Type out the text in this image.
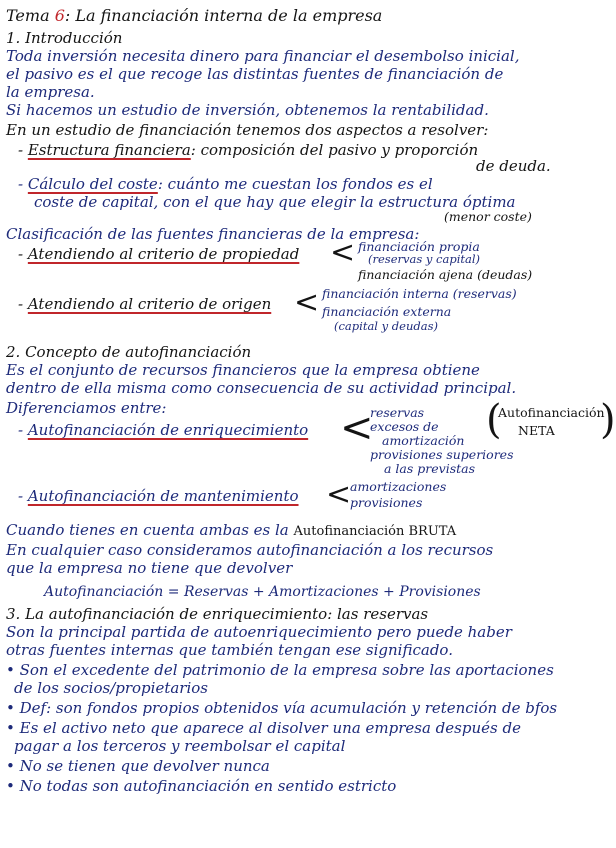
Tema 6: La financiación interna de la empresa
1. Introducción
Toda inversión necesita dinero para financiar el desembolso inicial,
el pasivo es el que recoge las distintas fuentes de financiación de
la empresa.
Si hacemos un estudio de inversión, obtenemos la rentabilidad.
En un estudio de financiación tenemos dos aspectos a resolver:
- Estructura financiera: composición del pasivo y proporción
de deuda.
- Cálculo del coste: cuánto me cuestan los fondos es el
coste de capital, con el que hay que elegir la estructura óptima
(menor coste)
Clasificación de las fuentes financieras de la empresa:
- Atendiendo al criterio de propiedad < financiación propia
(reservas y capital)
financiación ajena (deudas)
- Atendiendo al criterio de origen < financiación interna (reservas)
financiación externa
(capital y deudas)
2. Concepto de autofinanciación
Es el conjunto de recursos financieros que la empresa obtiene
dentro de ella misma como consecuencia de su actividad principal.
Diferenciamos entre:
- Autofinanciación de enriquecimiento <
reservas
excesos de
amortización
provisiones superiores
a las previstas
(
Autofinanciación
NETA )
- Autofinanciación de mantenimiento <
amortizaciones
provisiones
Cuando tienes en cuenta ambas es la Autofinanciación BRUTA
En cualquier caso consideramos autofinanciación a los recursos
que la empresa no tiene que devolver
Autofinanciación = Reservas + Amortizaciones + Provisiones
3. La autofinanciación de enriquecimiento: las reservas
Son la principal partida de autoenriquecimiento pero puede haber
otras fuentes internas que también tengan ese significado.
• Son el excedente del patrimonio de la empresa sobre las aportaciones
de los socios/propietarios
• Def: son fondos propios obtenidos vía acumulación y retención de bfos
• Es el activo neto que aparece al disolver una empresa después de
pagar a los terceros y reembolsar el capital
• No se tienen que devolver nunca
• No todas son autofinanciación en sentido estricto
